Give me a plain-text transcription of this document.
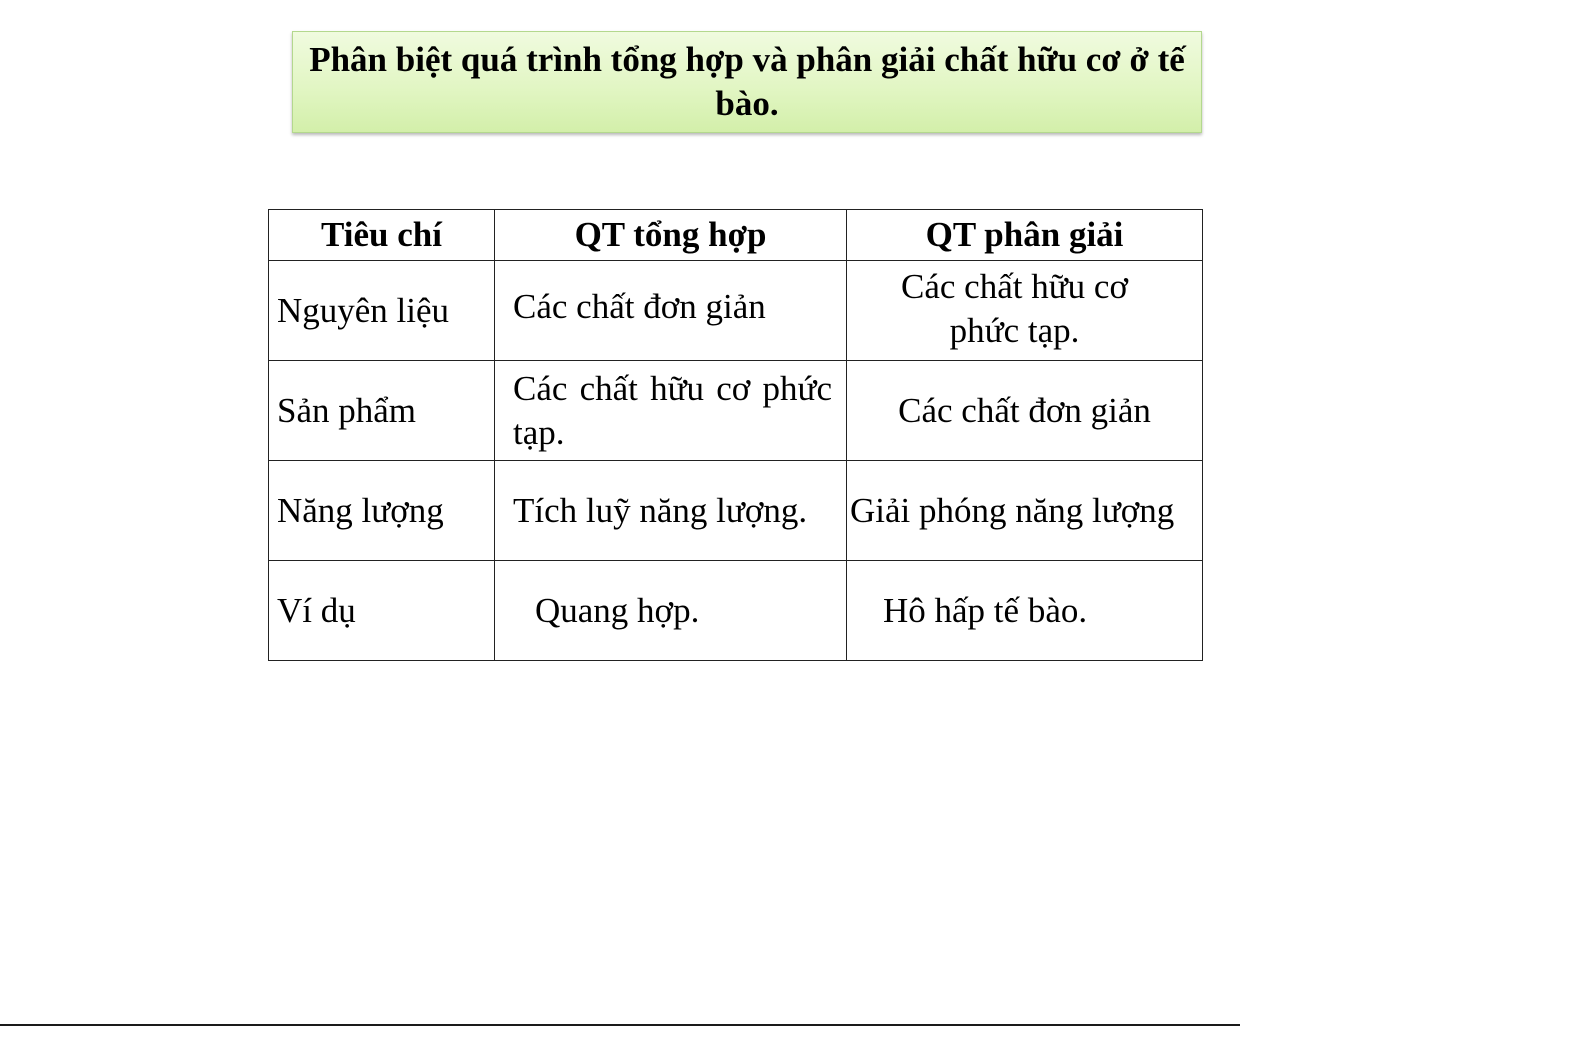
Phân biệt quá trình tổng hợp và phân giải chất hữu cơ ở tế bào.

Tiêu chí	QT tổng hợp	QT phân giải

Nguyên liệu	Các chất đơn giản	Các chất hữu cơ phức tạp.

Sản phẩm	Các chất hữu cơ phức tạp.	Các chất đơn giản

Năng lượng	Tích luỹ năng lượng.	Giải phóng năng lượng

Ví dụ	Quang hợp.	Hô hấp tế bào.
